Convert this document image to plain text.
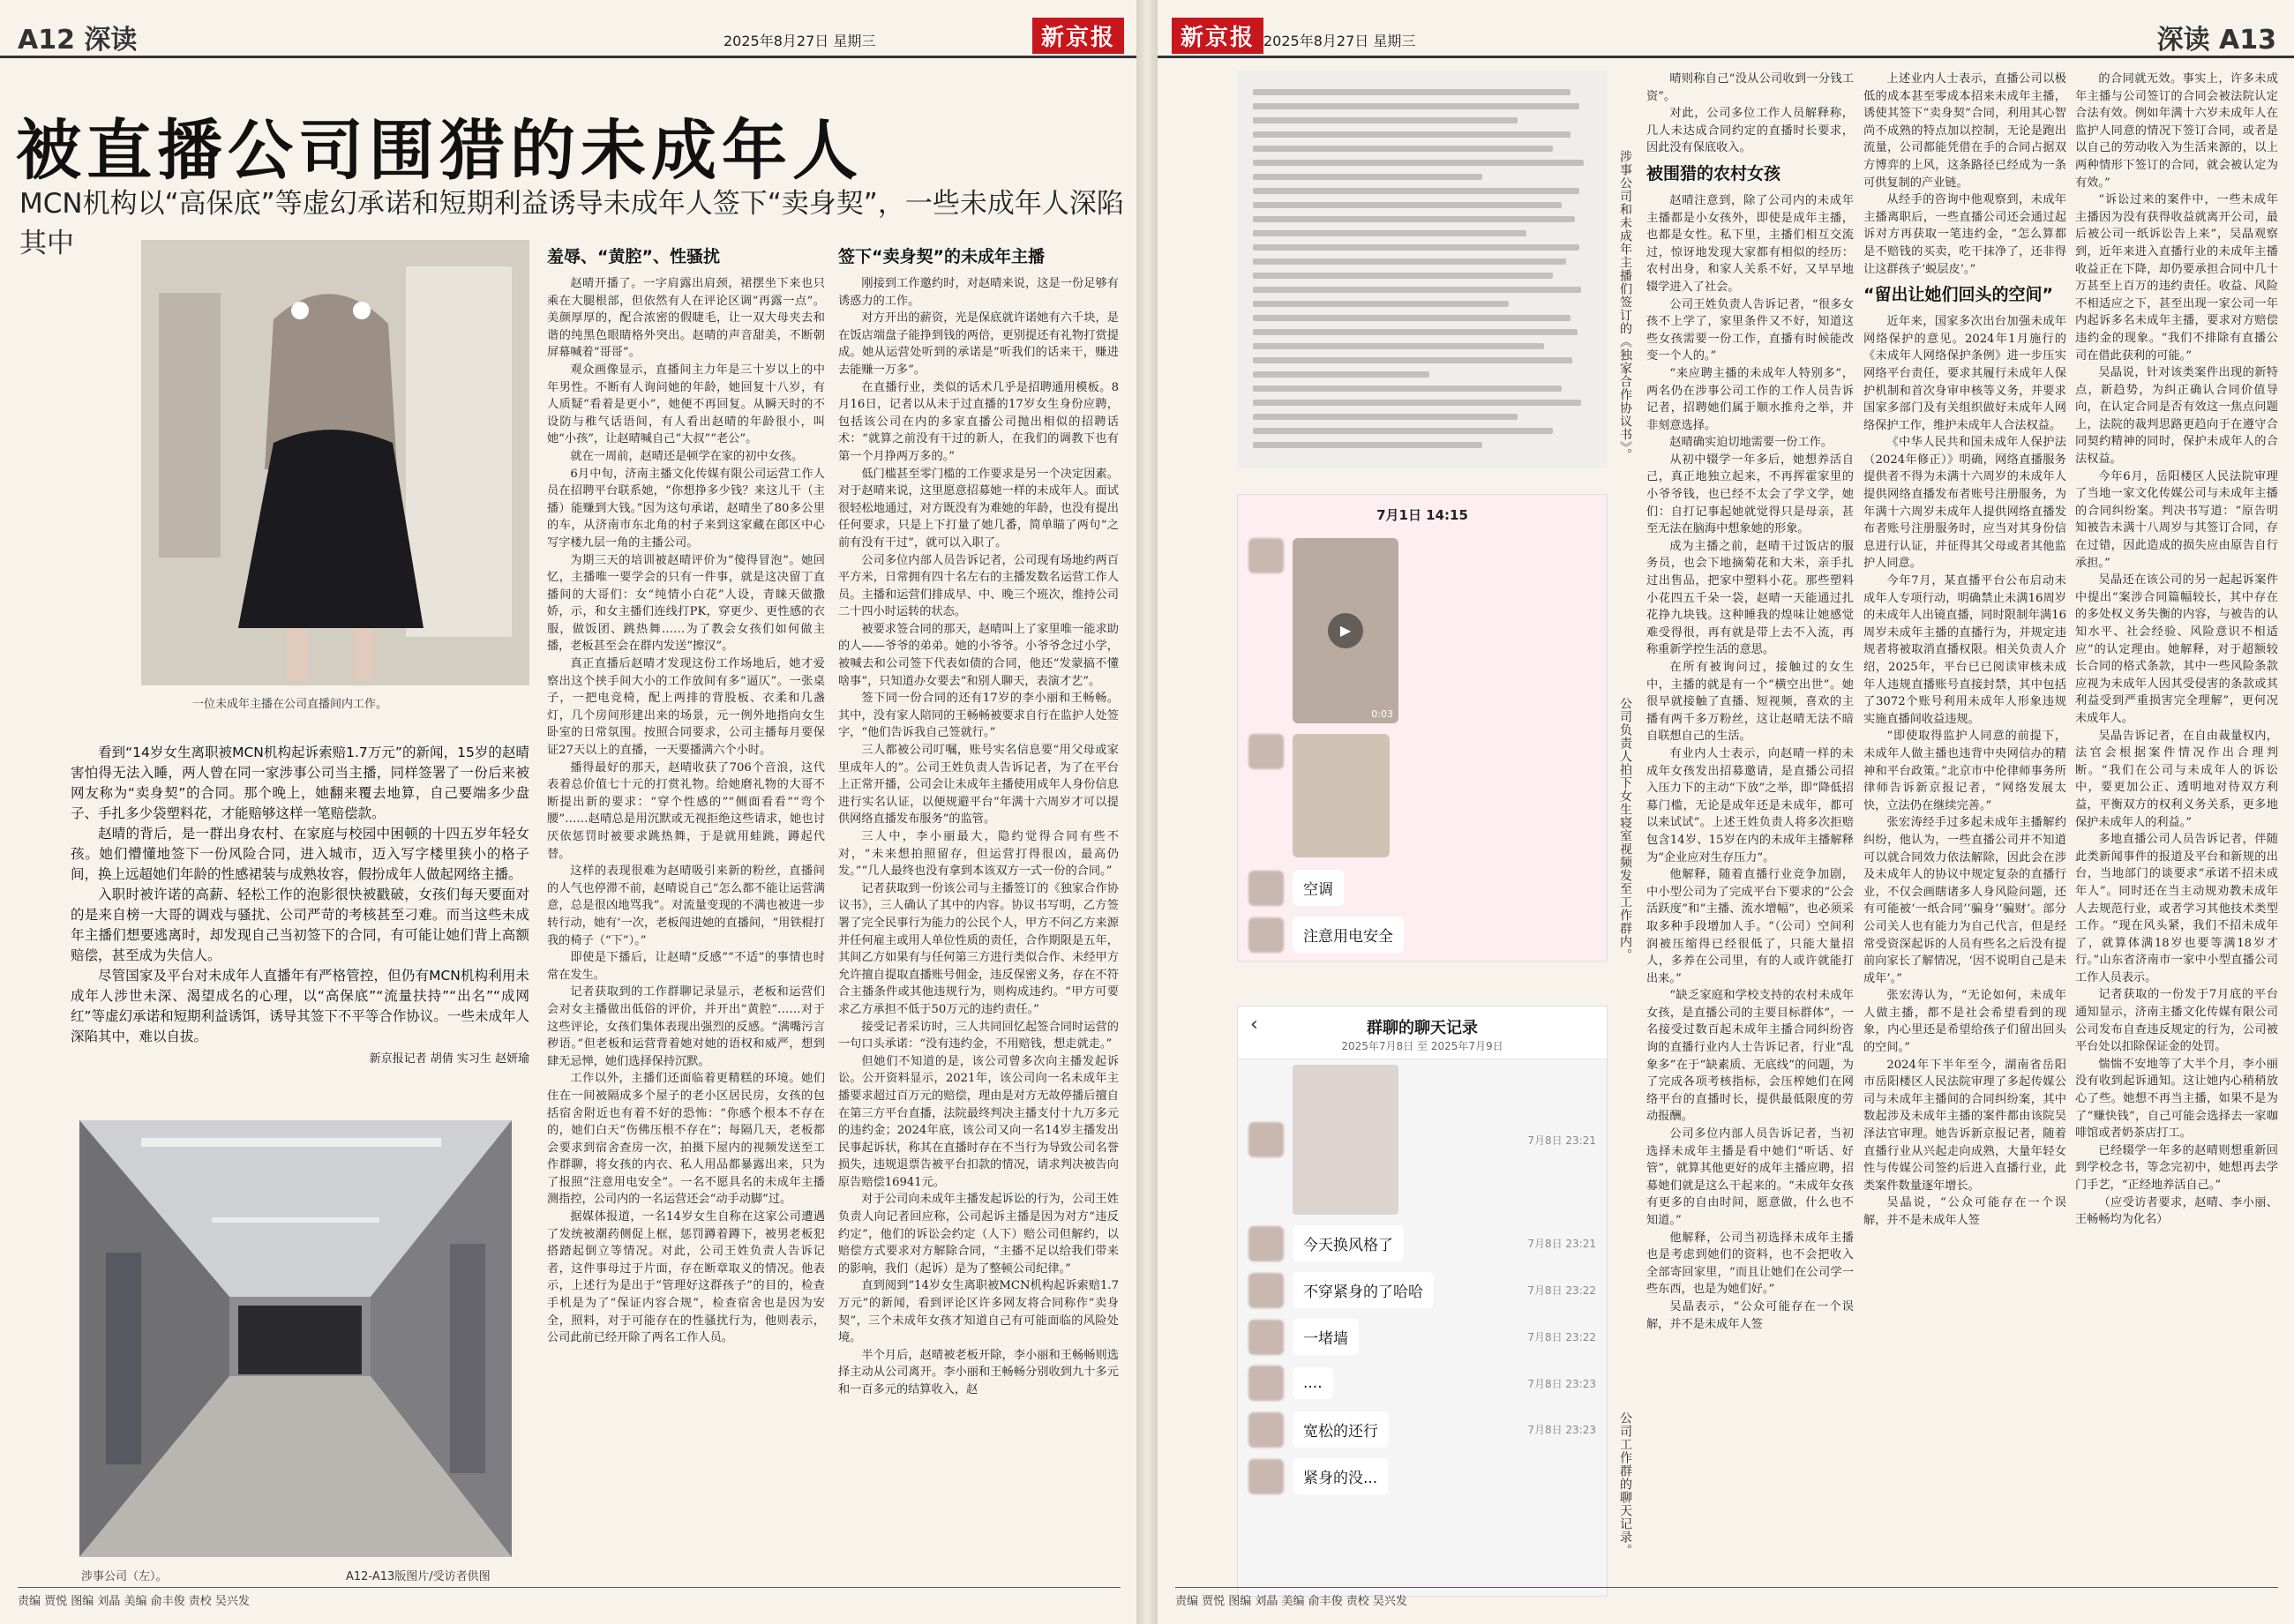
A12 深读	2025年8月27日 星期三	新京报
被直播公司围猎的未成年人
MCN机构以“高保底”等虚幻承诺和短期利益诱导未成年人签下“卖身契”，一些未成年人深陷其中
一位未成年主播在公司直播间内工作。

看到“14岁女生离职被MCN机构起诉索赔1.7万元”的新闻，15岁的赵晴害怕得无法入睡，两人曾在同一家涉事公司当主播，同样签署了一份后来被网友称为“卖身契”的合同。那个晚上，她翻来覆去地算，自己要端多少盘子、手扎多少袋塑料花，才能赔够这样一笔赔偿款。

赵晴的背后，是一群出身农村、在家庭与校园中困顿的十四五岁年轻女孩。她们懵懂地签下一份风险合同，进入城市，迈入写字楼里狭小的格子间，换上远超她们年龄的性感裙装与成熟妆容，假扮成年人做起网络主播。

入职时被许诺的高薪、轻松工作的泡影很快被戳破，女孩们每天要面对的是来自榜一大哥的调戏与骚扰、公司严苛的考核甚至刁难。而当这些未成年主播们想要逃离时，却发现自己当初签下的合同，有可能让她们背上高额赔偿，甚至成为失信人。

尽管国家及平台对未成年人直播年有严格管控，但仍有MCN机构利用未成年人涉世未深、渴望成名的心理，以“高保底”“流量扶持”“出名”“成网红”等虚幻承诺和短期利益诱饵，诱导其签下不平等合作协议。一些未成年人深陷其中，难以自拔。

新京报记者 胡倩 实习生 赵妍瑜
涉事公司（左）。	A12-A13版图片/受访者供图
羞辱、“黄腔”、性骚扰

赵晴开播了。一字肩露出肩颈，裙摆坐下来也只乘在大腿根部，但依然有人在评论区调“再露一点”。美颜厚厚的，配合浓密的假睫毛，让一双大母夹去和谐的纯黑色眼睛格外突出。赵晴的声音甜美，不断朝屏幕喊着“哥哥”。

观众画像显示，直播间主力年是三十岁以上的中年男性。不断有人询问她的年龄，她回复十八岁，有人质疑“看着是更小”，她便不再回复。从瞬天时的不设防与稚气话语间，有人看出赵晴的年龄很小，叫她“小孩”，让赵晴喊自己“大叔”“老公”。

就在一周前，赵晴还是顿学在家的初中女孩。

6月中旬，济南主播文化传媒有限公司运营工作人员在招聘平台联系她，“你想挣多少钱？来这儿干（主播）能赚到大钱。”因为这句承诺，赵晴坐了80多公里的车，从济南市东北角的村子来到这家藏在郎区中心写字楼九层一角的主播公司。

为期三天的培训被赵晴评价为“傻得冒泡”。她回忆，主播唯一要学会的只有一件事，就是这决留丁直播间的大哥们：女“纯情小白花”人设，青睐天做撒娇，示，和女主播们连线打PK，穿更少、更性感的衣服，做饭团、跳热舞……为了教会女孩们如何做主播，老板甚至会在群内发送“擦汉”。

真正直播后赵晴才发现这份工作场地后，她才爱察出这个挟手间大小的工作放间有多“逼仄”。一张桌子，一把电竞椅，配上两排的背股板、衣柔和几盏灯，几个房间形建出来的场景，元一例外地指向女生卧室的日常氛围。按照合同要求，公司主播每月要保证27天以上的直播，一天要播满六个小时。

播得最好的那天，赵晴收获了706个音浪，这代表着总价值七十元的打赏礼物。给她磨礼物的大哥不断提出新的要求：“穿个性感的”“侧面看看”“弯个腰”……赵晴总是用沉默或无视拒绝这些请求，她也讨厌依惩罚时被要求跳热舞，于是就用蛙跳，蹲起代替。

这样的表现很难为赵晴吸引来新的粉丝，直播间的人气也停滞不前，赵晴说自己“怎么都不能让运营满意，总是很凶地骂我”。对流量变现的不满也被进一步转行动，她有‘一次，老板闯进她的直播间，“用铁棍打我的椅子（“下”）。”

即使是下播后，让赵晴“反感”“不适”的事情也时常在发生。

记者获取到的工作群聊记录显示，老板和运营们会对女主播做出低俗的评价，并开出“黄腔”……对于这些评论，女孩们集体表现出强烈的反感。“满嘴污言秽语。”但老板和运营背着她对她的语权和威严，想到肆无忌惮，她们选择保持沉默。

工作以外，主播们还面临着更精糕的环境。她们住在一间被隔成多个屋子的老小区居民房，女孩的包括宿舍附近也有着不好的恐怖：“你感个根本不存在的，她们白天“伤佛压根不存在”；每隔几天，老板都会要求到宿舍查房一次，拍摄下屋内的视频发送至工作群聊，将女孩的内衣、私人用品都暴露出来，只为了报照“注意用电安全”。一名不愿具名的未成年主播测指控，公司内的一名运营还会“动手动脚”过。

据媒体报道，一名14岁女生自称在这家公司遭遇了发统被潮药侧促上框，惩罚蹲着蹲下，被男老板犯搭踏起倒立等情况。对此，公司王姓负责人告诉记者，这件事母过于片面，存在断章取义的情况。他表示，上述行为是出于“管理好这群孩子”的目的，检查手机是为了“保证内容合规”，检查宿舍也是因为安全，照料，对于可能存在的性骚扰行为，他则表示，公司此前已经开除了两名工作人员。

签下“卖身契”的未成年主播

刚接到工作邀约时，对赵晴来说，这是一份足够有诱惑力的工作。

对方开出的薪资，光是保底就许诺她有六千块，是在饭店端盘子能挣到钱的两倍，更别提还有礼物打赏提成。她从运营处听到的承诺是“听我们的话来干，赚进去能赚一万多”。

在直播行业，类似的话术几乎是招聘通用模板。8月16日，记者以从未于过直播的17岁女生身份应聘，包括该公司在内的多家直播公司抛出相似的招聘话术：“就算之前没有干过的新人，在我们的调教下也有第一个月挣两万多的。”

低门槛甚至零门槛的工作要求是另一个决定因素。对于赵晴来说，这里愿意招募她一样的未成年人。面试很轻松地通过，对方既没有为难她的年龄，也没有提出任何要求，只是上下打量了她几番，简单瞄了两句“之前有没有干过”，就可以入职了。

公司多位内部人员告诉记者，公司现有场地约两百平方米，日常拥有四十名左右的主播发数名运营工作人员。主播和运营们排成早、中、晚三个班次，维持公司二十四小时运转的状态。

被要求签合同的那天，赵晴叫上了家里唯一能求助的人——爷爷的弟弟。她的小爷爷。小爷爷念过小学，被喊去和公司签下代表如债的合同，他还“发蒙搞不懂啥事”，只知道办女要去“和别人聊天，表演才艺”。

签下同一份合同的还有17岁的李小丽和王畅畅。其中，没有家人陪同的王畅畅被要求自行在监护人处签字，“他们告诉我自己签就行。”

三人都被公司叮嘱，账号实名信息要“用父母或家里成年人的”。公司王姓负责人告诉记者，为了在平台上正常开播，公司会让未成年主播使用成年人身份信息进行实名认证，以便规避平台“年满十六周岁才可以提供网络直播发布服务”的监管。

三人中，李小丽最大，隐约觉得合同有些不对，“未来想拍照留存，但运营打得很凶，最高仍发。”“几人最终也没有拿到本该双方一式一份的合同。”

记者获取到一份该公司与主播签订的《独家合作协议书》，三人确认了其中的内容。协议书写明，乙方签署了完全民事行为能力的公民个人，甲方不问乙方来源并任何雇主或用人单位性质的责任，合作期限是五年，其间乙方如果有与任何第三方进行类似合作、未经甲方允许擅自提取直播账号佣金，违反保密义务，存在不符合主播条件或其他违规行为，则构成违约。“甲方可要求乙方承担不低于50万元的违约责任。”

接受记者采访时，三人共同回忆起签合同时运营的一句口头承诺：“没有违约金，不用赔钱，想走就走。”

但她们不知道的是，该公司曾多次向主播发起诉讼。公开资料显示，2021年，该公司向一名未成年主播要求超过百万元的赔偿，理由是对方无故停播后擅自在第三方平台直播，法院最终判决主播支付十九万多元的违约金；2024年底，该公司又向一名14岁主播发出民事起诉状，称其在直播时存在不当行为导致公司名誉损失，违规退票告被平台扣款的情况，请求判决被告向原告赔偿16941元。

对于公司向未成年主播发起诉讼的行为，公司王姓负责人向记者回应称，公司起诉主播是因为对方“违反约定”，他们的诉讼会约定（人下）赔公司但解约，以赔偿方式要求对方解除合同，“主播不足以给我们带来的影响，我们（起诉）是为了整顿公司纪律。”

直到阅到“14岁女生离职被MCN机构起诉索赔1.7万元”的新闻，看到评论区许多网友将合同称作“卖身契”，三个未成年女孩才知道自己有可能面临的风险处境。

半个月后，赵晴被老板开除，李小丽和王畅畅则选择主动从公司离开。李小丽和王畅畅分别收到九十多元和一百多元的结算收入，赵

责编 贾悦 图编 刘晶 美编 俞丰俊 责校 吴兴发
新京报 2025年8月27日 星期三	深读 A13
涉事公司和未成年主播们签订的《独家合作协议书》。
7月1日 14:15
▶
0:03
空调
注意用电安全	公司负责人拍下女生寝室视频发至工作群内。
‹	群聊的聊天记录
2025年7月8日 至 2025年7月9日
7月8日 23:21
今天换风格了	7月8日 23:21
不穿紧身的了哈哈	7月8日 23:22
一堵墙	7月8日 23:22
....	7月8日 23:23
宽松的还行	7月8日 23:23
紧身的没...	公司工作群的聊天记录。

晴则称自己“没从公司收到一分钱工资”。

对此，公司多位工作人员解释称，几人未达成合同约定的直播时长要求，因此没有保底收入。

被围猎的农村女孩

赵晴注意到，除了公司内的未成年主播都是小女孩外，即使是成年主播，也都是女性。私下里，主播们相互交流过，惊讶地发现大家都有相似的经历：农村出身，和家人关系不好，又早早地辍学进入了社会。

公司王姓负责人告诉记者，“很多女孩不上学了，家里条件又不好，知道这些女孩需要一份工作，直播有时候能改变一个人的。”

“来应聘主播的未成年人特别多”，两名仍在涉事公司工作的工作人员告诉记者，招聘她们属于顺水推舟之举，并非刻意选择。

赵晴确实迫切地需要一份工作。

从初中辍学一年多后，她想养活自己，真正地独立起来，不再挥霍家里的小爷爷钱，也已经不太会了学文学，她们：自打记事起她就觉得只是母亲，甚至无法在脑海中想象她的形象。

成为主播之前，赵晴干过饭店的服务员，也会下地摘菊花和大米，亲手扎过出售品，把家中塑料小花。那些塑料小花四五千朵一袋，赵晴一天能通过扎花挣九块钱。这种睡我的煌味让她感觉难受得很，再有就是带上去不入流，再称重新学控生活的意思。

在所有被询问过，接触过的女生中，主播的就是有一个“横空出世”。她很早就接触了直播、短视频，喜欢的主播有两千多万粉丝，这让赵晴无法不暗自联想自己的生活。

有业内人士表示，向赵晴一样的未成年女孩发出招募邀请，是直播公司招入压力下的主动“下放”之举，即“降低招募门槛，无论是成年还是未成年，都可以来试试”。上述王姓负责人将多次拒赔包含14岁、15岁在内的未成年主播解释为“企业应对生存压力”。

他解释，随着直播行业竞争加剧，中小型公司为了完成平台下要求的“公会活跃度”和“主播、流水增幅”，也必须采取多种手段增加人手。“（公司）空间利润被压缩得已经很低了，只能大量招人，多养在公司里，有的人或许就能打出来。”

“缺乏家庭和学校支持的农村未成年女孩，是直播公司的主要目标群体”，一名接受过数百起未成年主播合同纠纷咨询的直播行业内人士告诉记者，行业“乱象多”在于“缺素质、无底线”的问题，为了完成各项考核指标，会压榨她们在网络平台的直播时长，提供最低限度的劳动报酬。

公司多位内部人员告诉记者，当初选择未成年主播是看中她们“听话、好管”，就算其他更好的成年主播应聘，招募她们就是这么干起来的。“未成年女孩有更多的自由时间，愿意做，什么也不知道。”

他解释，公司当初选择未成年主播也是考虑到她们的资料，也不会把收入全部寄回家里，“而且让她们在公司学一些东西，也是为她们好。”

吴晶表示，“公众可能存在一个误解，并不是未成年人签

上述业内人士表示，直播公司以极低的成本甚至零成本招来未成年主播，诱使其签下“卖身契”合同，利用其心智尚不成熟的特点加以控制，无论是跑出流量，公司都能凭借在手的合同占据双方博弈的上风，这条路径已经成为一条可供复制的产业链。

从经手的咨询中他观察到，未成年主播离职后，一些直播公司还会通过起诉对方再获取一笔违约金，“怎么算都是不赔钱的买卖，吃干抹净了，还非得让这群孩子‘蜕层皮’。”

“留出让她们回头的空间”

近年来，国家多次出台加强未成年网络保护的意见。2024年1月施行的《未成年人网络保护条例》进一步压实网络平台责任，要求其履行未成年人保护机制和首次身审申核等义务，并要求国家多部门及有关组织做好未成年人网络保护工作，维护未成年人合法权益。

《中华人民共和国未成年人保护法（2024年修正）》明确，网络直播服务提供者不得为未满十六周岁的未成年人提供网络直播发布者账号注册服务，为年满十六周岁未成年人提供网络直播发布者账号注册服务时，应当对其身份信息进行认证，并征得其父母或者其他监护人同意。

今年7月，某直播平台公布启动未成年人专项行动，明确禁止未满16周岁的未成年人出镜直播，同时限制年满16周岁未成年主播的直播行为，并规定违规者将被取消直播权限。相关负责人介绍，2025年，平台已已阅读审核未成年人违规直播账号直接封禁，其中包括了3072个账号利用未成年人形象违规实施直播间收益违规。

“即使取得监护人同意的前提下，未成年人做主播也违背中央网信办的精神和平台政策。”北京市中伦律师事务所律师告诉新京报记者，“网络发展太快，立法仍在继续完善。”

张宏涛经手过多起未成年主播解约纠纷，他认为，一些直播公司并不知道可以就合同效力依法解除，因此会在涉及未成年人的协议中规定复杂的直播行业，不仅会画瞎诸多人身风险问题，还有可能被‘一纸合同’‘骗身’‘骗财’。部分公司关人也有能力为自己代言，但是经常受资深起诉的人员有些名之后没有提前向家长了解情况，‘因不说明自己是未成年’。”

张宏涛认为，“无论如何，未成年人做主播，都不是社会希望看到的现象，内心里还是希望给孩子们留出回头的空间。”

2024年下半年至今，湖南省岳阳市岳阳楼区人民法院审理了多起传媒公司与未成年主播间的合同纠纷案，其中数起涉及未成年主播的案件都由该院吴泽法官审理。她告诉新京报记者，随着直播行业从兴起走向成熟，大量年轻女性与传媒公司签约后进入直播行业，此类案件数量逐年增长。

吴晶说，“公众可能存在一个误解，并不是未成年人签

的合同就无效。事实上，许多未成年主播与公司签订的合同会被法院认定合法有效。例如年满十六岁未成年人在监护人同意的情况下签订合同，或者是以自己的劳动收入为生活来源的，以上两种情形下签订的合同，就会被认定为有效。”

“诉讼过来的案件中，一些未成年主播因为没有获得收益就离开公司，最后被公司一纸诉讼告上来”，吴晶观察到，近年来进入直播行业的未成年主播收益正在下降，却仍要承担合同中几十万甚至上百万的违约责任。收益、风险不相适应之下，甚至出现一家公司一年内起诉多名未成年主播，要求对方赔偿违约金的现象。“我们不排除有直播公司在借此获利的可能。”

吴晶说，针对该类案件出现的新特点，新趋势，为纠正确认合同价值导向，在认定合同是否有效这一焦点问题上，法院的裁判思路更趋向于在遵守合同契约精神的同时，保护未成年人的合法权益。

今年6月，岳阳楼区人民法院审理了当地一家文化传媒公司与未成年主播的合同纠纷案。判决书写道：“原告明知被告未满十八周岁与其签订合同，存在过错，因此造成的损失应由原告自行承担。”

吴晶还在该公司的另一起起诉案件中提出“案涉合同篇幅较长，其中存在的多处权义务失衡的内容，与被告的认知水平、社会经验、风险意识不相适应”的认定理由。她解释，对于超额较长合同的格式条款，其中一些风险条款应视为未成年人因其受侵害的条款或其利益受到严重损害完全理解”，更何况未成年人。

吴晶告诉记者，在自由裁量权内，法官会根据案件情况作出合理判断。“我们在公司与未成年人的诉讼中，要更加公正、透明地对待双方利益，平衡双方的权利义务关系，更多地保护未成年人的利益。”

多地直播公司人员告诉记者，伴随此类新闻事件的报道及平台和新规的出台，当地部门的谈要求“承诺不招未成年人”。同时还在当主动规劝教未成年人去规范行业，或者学习其他技术类型工作。“现在风头紧，我们不招未成年了，就算体满18岁也要等满18岁才行。”山东省济南市一家中小型直播公司工作人员表示。

记者获取的一份发于7月底的平台通知显示，济南主播文化传媒有限公司公司发布自查违反规定的行为，公司被平台处以扣除保证金的处罚。

惴惴不安地等了大半个月，李小丽没有收到起诉通知。这让她内心稍稍放心了些。她想不再当主播，如果不是为了“赚快钱”，自己可能会选择去一家咖啡馆或者奶茶店打工。

已经辍学一年多的赵晴则想重新回到学校念书，等念完初中，她想再去学门手艺，“正经地养活自己。”

（应受访者要求，赵晴、李小丽、王畅畅均为化名）

责编 贾悦 图编 刘晶 美编 俞丰俊 责校 吴兴发
